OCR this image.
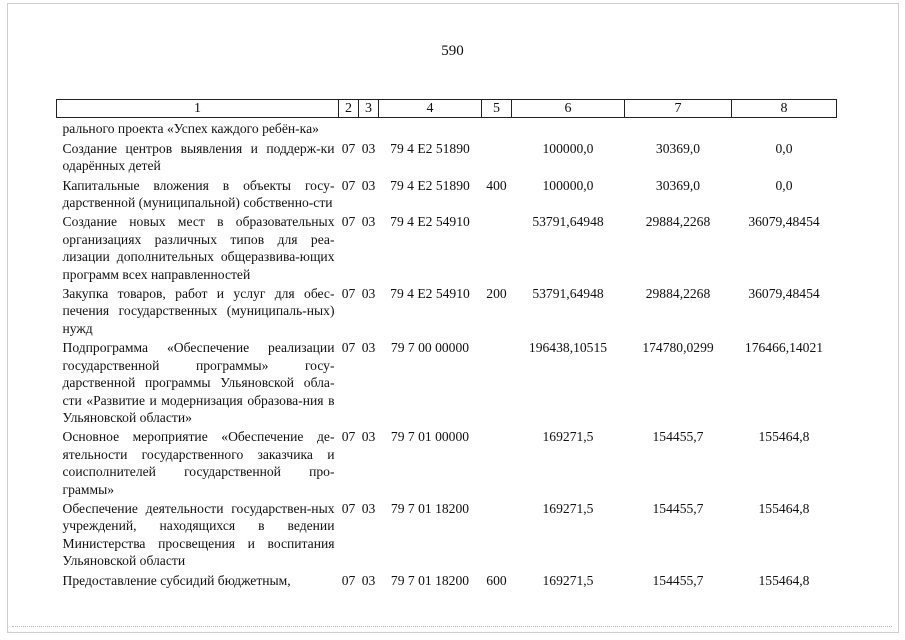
590
1	2	3	4	5	6	7	8
рального проекта «Успех каждого ребён-ка»							
Создание центров выявления и поддерж-ки одарённых детей	07	03	79 4 E2 51890		100000,0	30369,0	0,0
Капитальные вложения в объекты госу-дарственной (муниципальной) собственно-сти	07	03	79 4 E2 51890	400	100000,0	30369,0	0,0
Создание новых мест в образовательных организациях различных типов для реа-лизации дополнительных общеразвива-ющих программ всех направленностей	07	03	79 4 E2 54910		53791,64948	29884,2268	36079,48454
Закупка товаров, работ и услуг для обес-печения государственных (муниципаль-ных) нужд	07	03	79 4 E2 54910	200	53791,64948	29884,2268	36079,48454
Подпрограмма «Обеспечение реализации государственной программы» госу-дарственной программы Ульяновской обла-сти «Развитие и модернизация образова-ния в Ульяновской области»	07	03	79 7 00 00000		196438,10515	174780,0299	176466,14021
Основное мероприятие «Обеспечение де-ятельности государственного заказчика и соисполнителей государственной про-граммы»	07	03	79 7 01 00000		169271,5	154455,7	155464,8
Обеспечение деятельности государствен-ных учреждений, находящихся в ведении Министерства просвещения и воспитания Ульяновской области	07	03	79 7 01 18200		169271,5	154455,7	155464,8
Предоставление субсидий бюджетным,	07	03	79 7 01 18200	600	169271,5	154455,7	155464,8
